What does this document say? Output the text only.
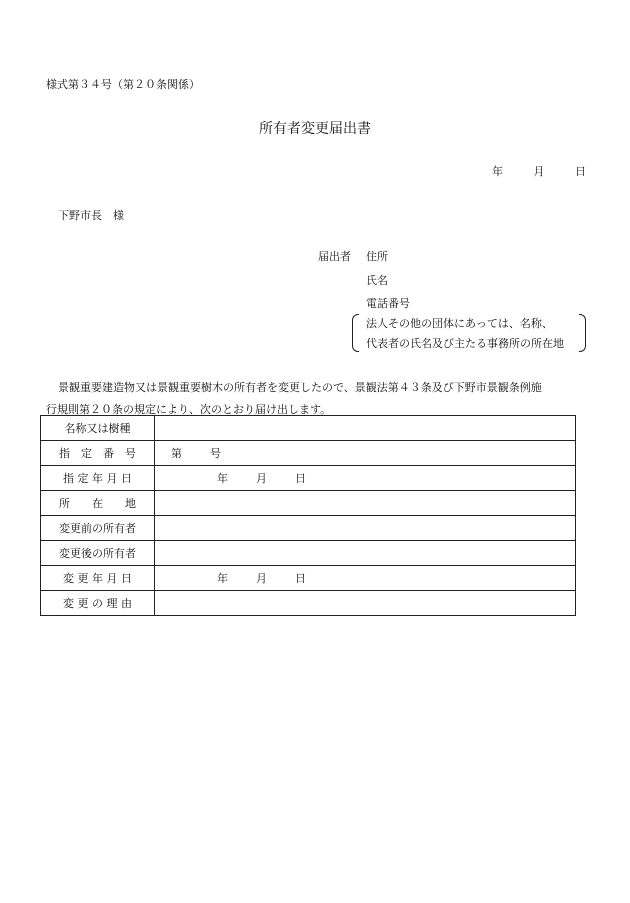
様式第３４号（第２０条関係）
所有者変更届出書
年	月	日
下野市長　様
届出者 住所
氏名
電話番号
法人その他の団体にあっては、名称、
代表者の氏名及び主たる事務所の所在地
景観重要建造物又は景観重要樹木の所有者を変更したので、景観法第４３条及び下野市景観条例施
行規則第２０条の規定により、次のとおり届け出します。
名称又は樹種	
指　定　番　号	第 号
指 定 年 月 日	年 月 日
所　　在　　地	
変更前の所有者	
変更後の所有者	
変 更 年 月 日	年 月 日
変 更 の 理 由	
